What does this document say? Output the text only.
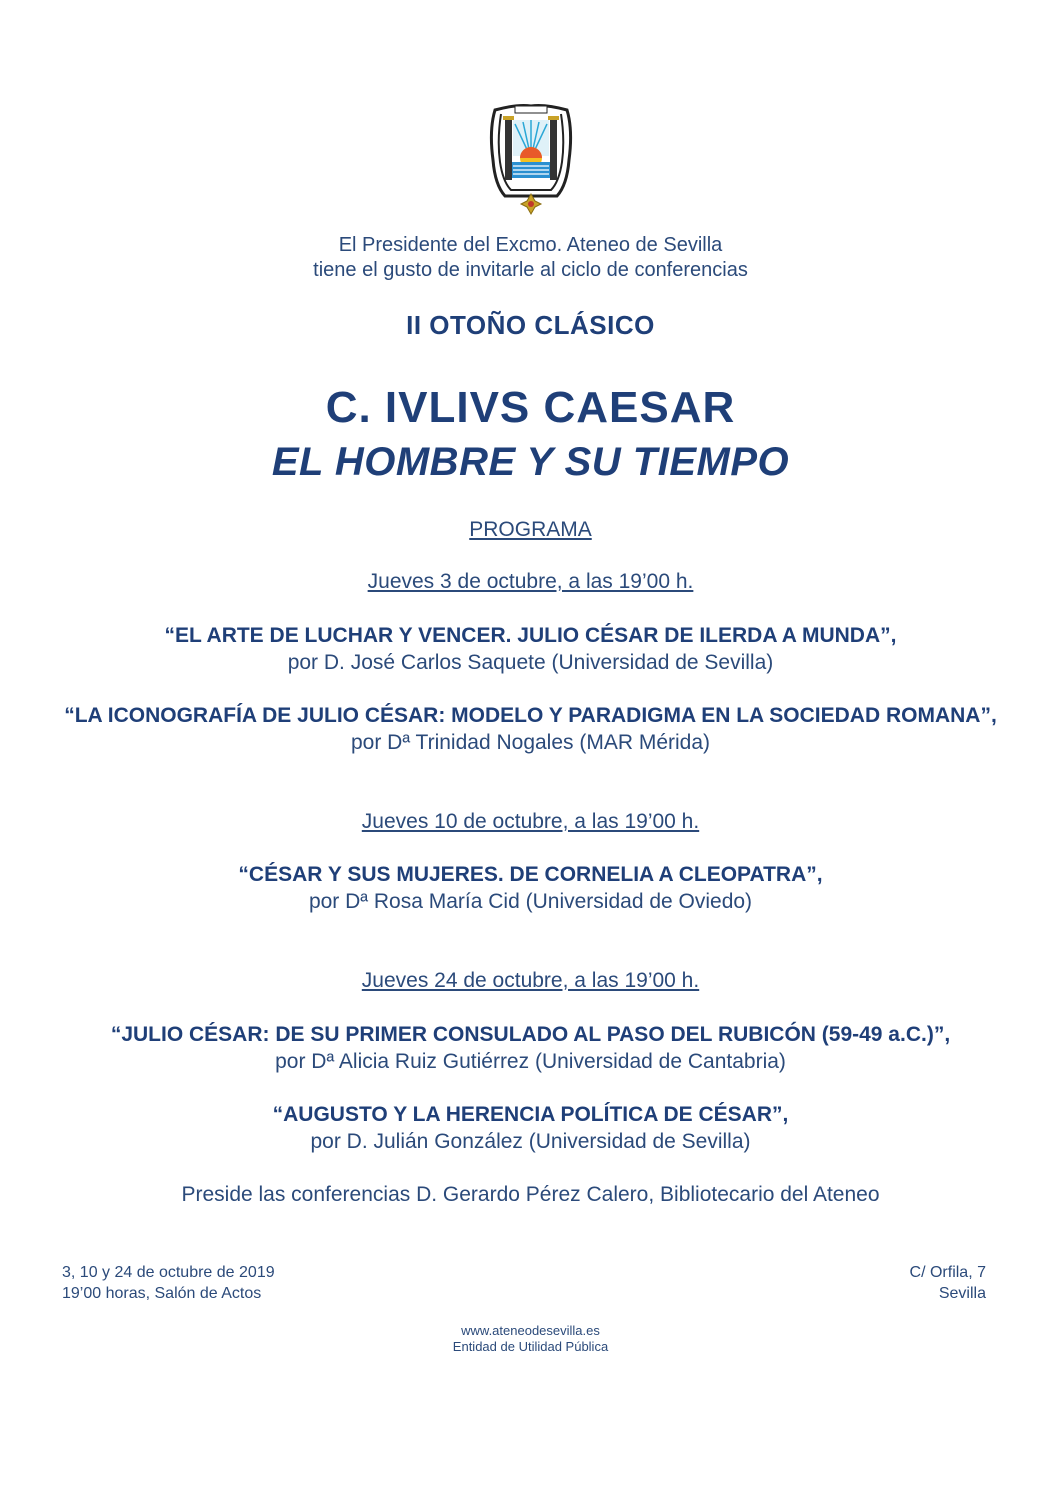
El Presidente del Excmo. Ateneo de Sevilla
tiene el gusto de invitarle al ciclo de conferencias
II OTOÑO CLÁSICO
C. IVLIVS CAESAR
EL HOMBRE Y SU TIEMPO
PROGRAMA
Jueves 3 de octubre, a las 19’00 h.
“EL ARTE DE LUCHAR Y VENCER. JULIO CÉSAR DE ILERDA A MUNDA”,
por D. José Carlos Saquete (Universidad de Sevilla)
“LA ICONOGRAFÍA DE JULIO CÉSAR: MODELO Y PARADIGMA EN LA SOCIEDAD ROMANA”,
por Dª Trinidad Nogales (MAR Mérida)
Jueves 10 de octubre, a las 19’00 h.
“CÉSAR Y SUS MUJERES. DE CORNELIA A CLEOPATRA”,
por Dª Rosa María Cid (Universidad de Oviedo)
Jueves 24 de octubre, a las 19’00 h.
“JULIO CÉSAR: DE SU PRIMER CONSULADO AL PASO DEL RUBICÓN (59-49 a.C.)”,
por Dª Alicia Ruiz Gutiérrez (Universidad de Cantabria)
“AUGUSTO Y LA HERENCIA POLÍTICA DE CÉSAR”,
por D. Julián González (Universidad de Sevilla)
Preside las conferencias D. Gerardo Pérez Calero, Bibliotecario del Ateneo
3, 10 y 24 de octubre de 2019
19’00 horas, Salón de Actos
C/ Orfila, 7
Sevilla
www.ateneodesevilla.es
Entidad de Utilidad Pública
